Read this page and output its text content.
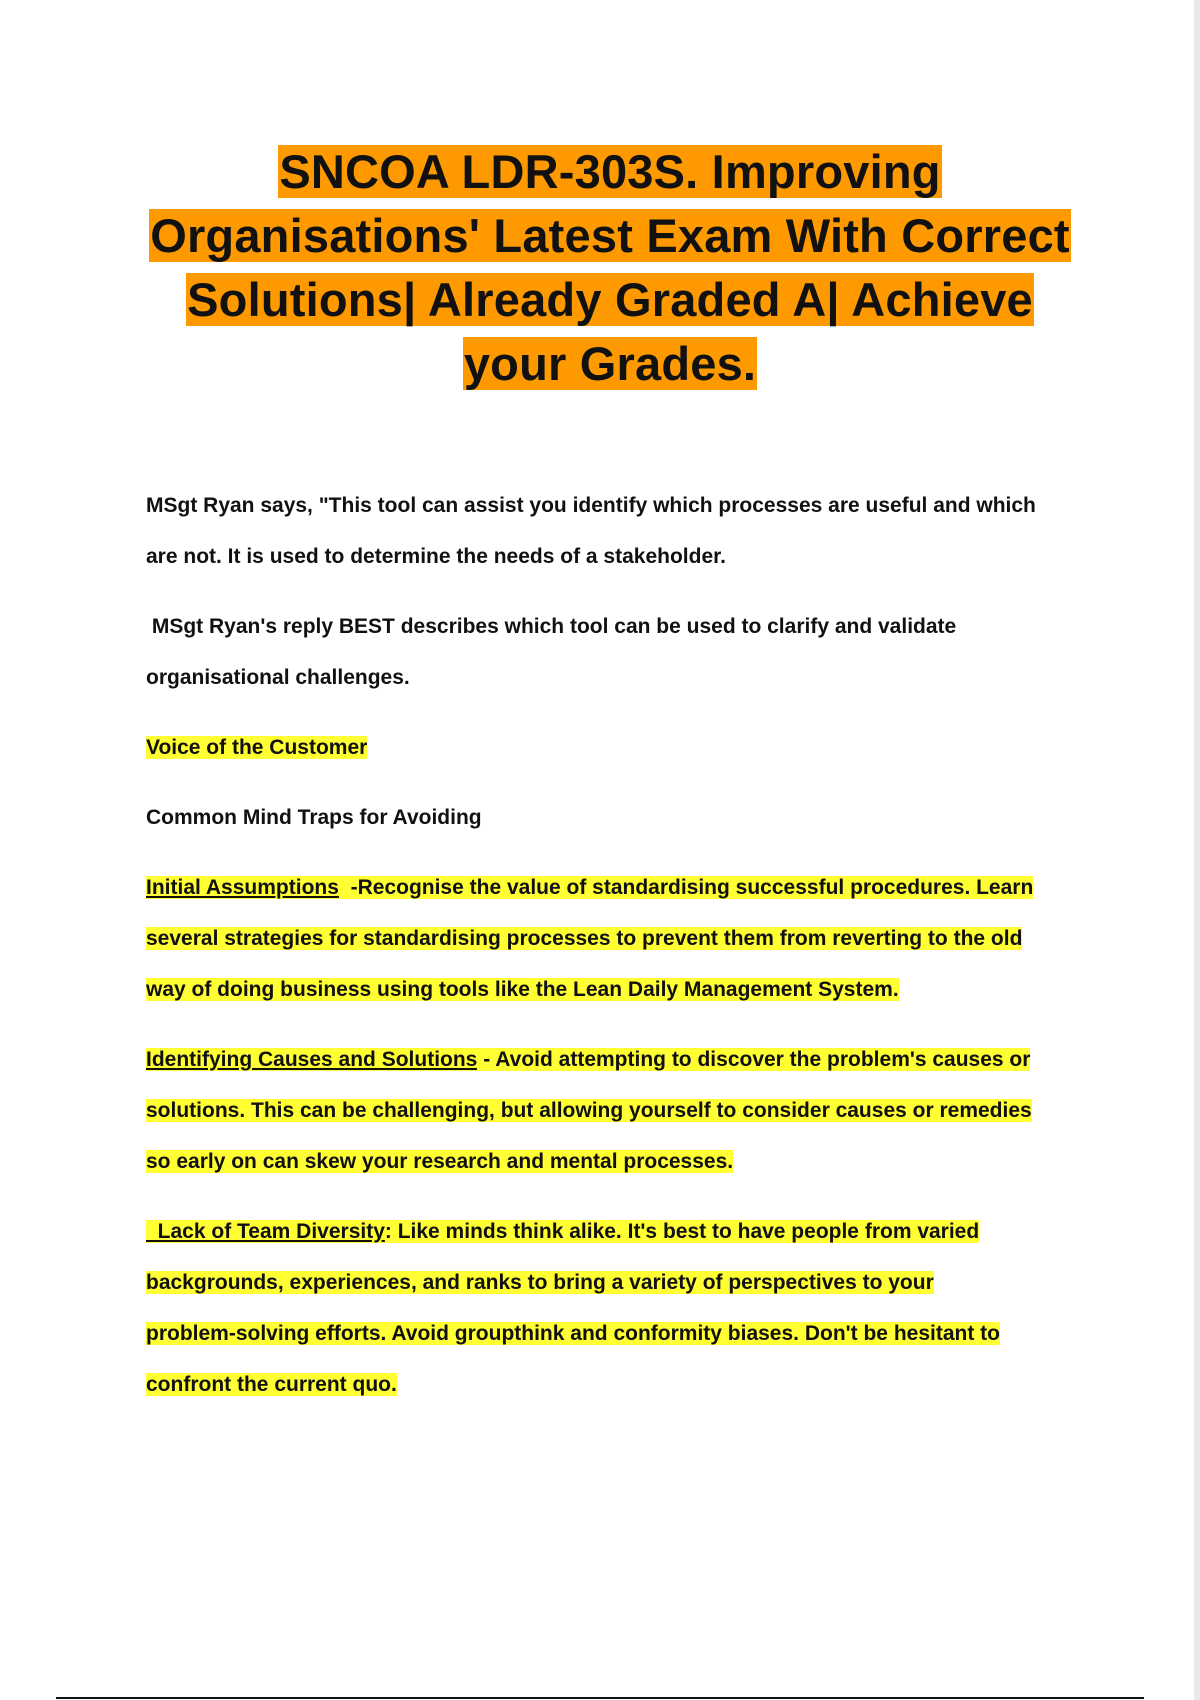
SNCOA LDR-303S. Improving
Organisations' Latest Exam With Correct
Solutions| Already Graded A| Achieve
your Grades.
MSgt Ryan says, "This tool can assist you identify which processes are useful and which
are not. It is used to determine the needs of a stakeholder.
MSgt Ryan's reply BEST describes which tool can be used to clarify and validate
organisational challenges.
Voice of the Customer
Common Mind Traps for Avoiding
Initial Assumptions  -Recognise the value of standardising successful procedures. Learn
several strategies for standardising processes to prevent them from reverting to the old
way of doing business using tools like the Lean Daily Management System.
Identifying Causes and Solutions - Avoid attempting to discover the problem's causes or
solutions. This can be challenging, but allowing yourself to consider causes or remedies
so early on can skew your research and mental processes.
Lack of Team Diversity: Like minds think alike. It's best to have people from varied
backgrounds, experiences, and ranks to bring a variety of perspectives to your
problem-solving efforts. Avoid groupthink and conformity biases. Don't be hesitant to
confront the current quo.
